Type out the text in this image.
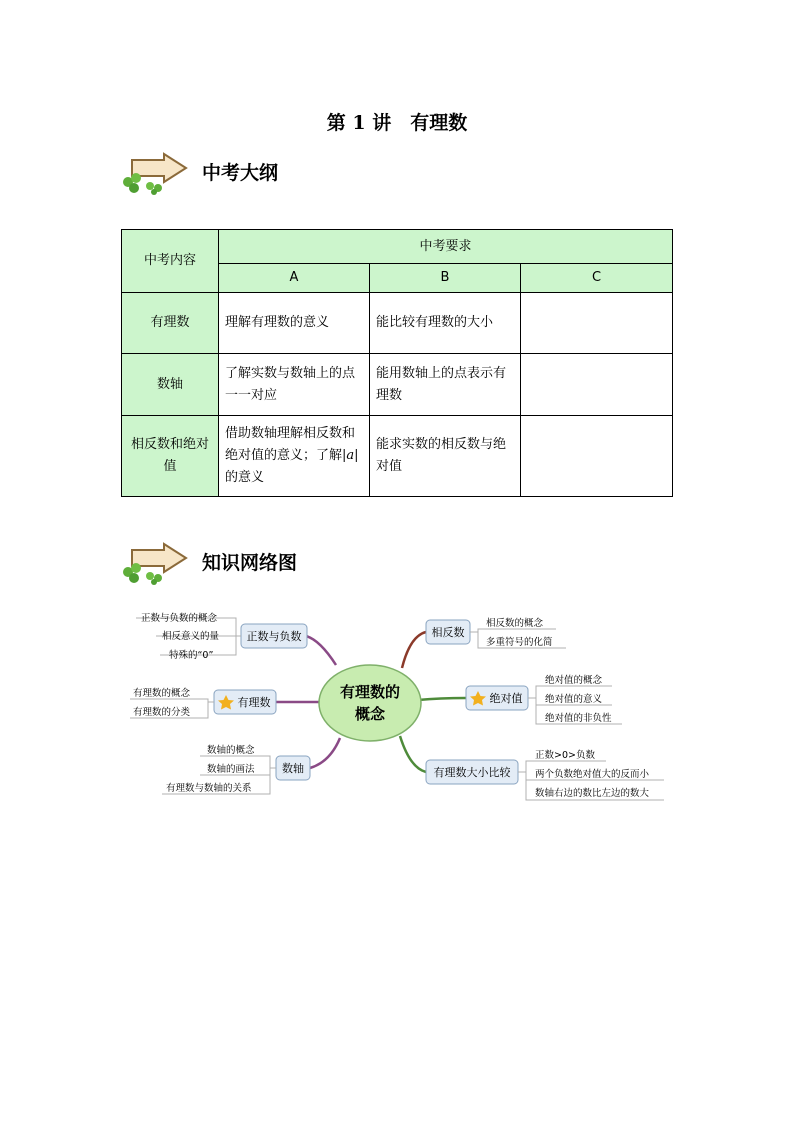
第 1 讲　有理数
中考大纲
中考内容	中考要求		
	A	B	C
有理数	理解有理数的意义	能比较有理数的大小	
数轴	了解实数与数轴上的点一一对应	能用数轴上的点表示有理数	
相反数和绝对值	借助数轴理解相反数和绝对值的意义；了解|a|的意义	能求实数的相反数与绝对值	
知识网络图
有理数的
概念
正数与负数
正数与负数的概念
相反意义的量
特殊的“0”
有理数
有理数的概念
有理数的分类
数轴
数轴的概念
数轴的画法
有理数与数轴的关系
相反数
相反数的概念
多重符号的化简
绝对值
绝对值的概念
绝对值的意义
绝对值的非负性
有理数大小比较
正数>0>负数
两个负数绝对值大的反而小
数轴右边的数比左边的数大
